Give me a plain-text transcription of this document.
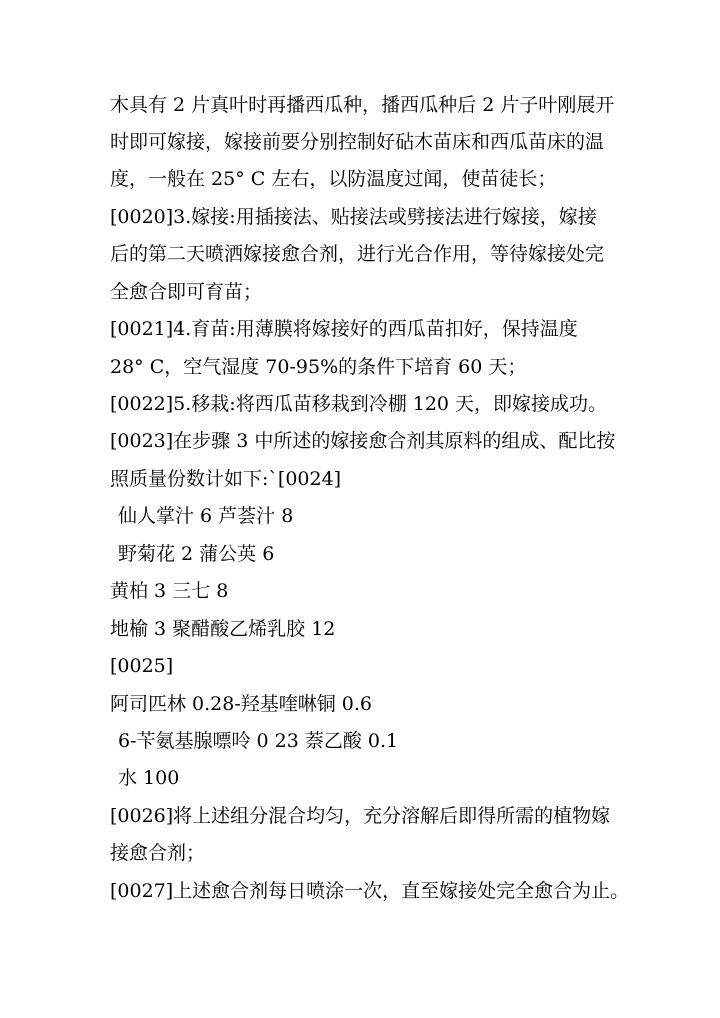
木具有 2 片真叶时再播西瓜种，播西瓜种后 2 片子叶刚展开
时即可嫁接，嫁接前要分别控制好砧木苗床和西瓜苗床的温
度，一般在 25° C 左右，以防温度过闻，使苗徒长；
[0020]3.嫁接:用插接法、贴接法或劈接法进行嫁接，嫁接
后的第二天喷洒嫁接愈合剂，进行光合作用，等待嫁接处完
全愈合即可育苗；
[0021]4.育苗:用薄膜将嫁接好的西瓜苗扣好，保持温度
28° C，空气湿度 70-95%的条件下培育 60 天；
[0022]5.移栽:将西瓜苗移栽到冷棚 120 天，即嫁接成功。
[0023]在步骤 3 中所述的嫁接愈合剂其原料的组成、配比按
照质量份数计如下:`[0024]
仙人掌汁 6 芦荟汁 8
野菊花 2 蒲公英 6
黄柏 3 三七 8
地榆 3 聚醋酸乙烯乳胶 12
[0025]
阿司匹林 0.28-羟基喹啉铜 0.6
6-苄氨基腺嘌呤 0 23 萘乙酸 0.1
水 100
[0026]将上述组分混合均匀，充分溶解后即得所需的植物嫁
接愈合剂；
[0027]上述愈合剂每日喷涂一次，直至嫁接处完全愈合为止。
